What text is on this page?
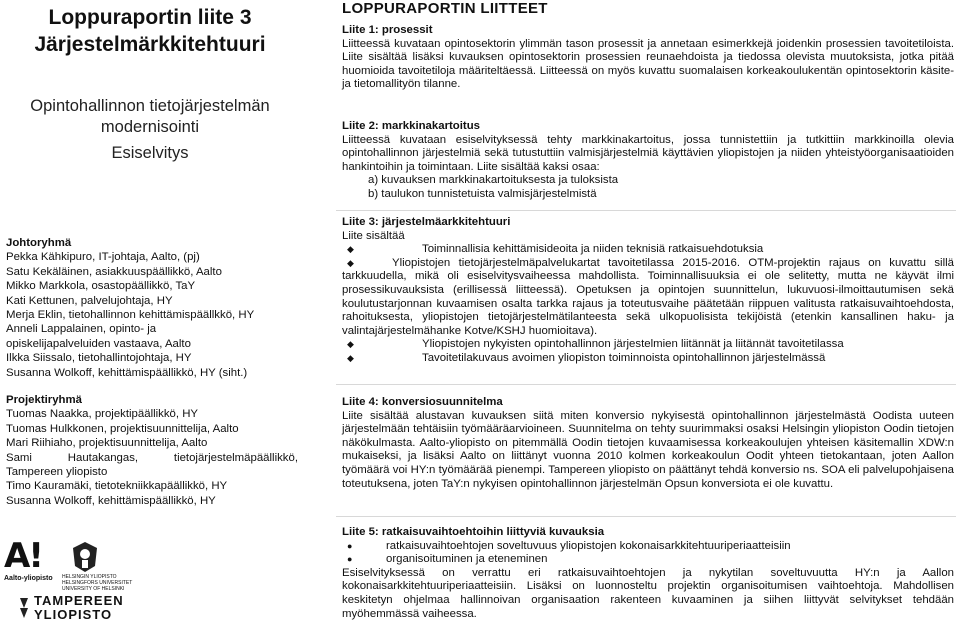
Loppuraportin liite 3
Järjestelmärkkitehtuuri
Opintohallinnon tietojärjestelmän
modernisointi
Esiselvitys
Johtoryhmä
Pekka Kähkipuro, IT-johtaja, Aalto, (pj)
Satu Kekäläinen, asiakkuuspäällikkö, Aalto
Mikko Markkola, osastopäällikkö, TaY
Kati Kettunen, palvelujohtaja, HY
Merja Eklin, tietohallinnon kehittämispäällkkö, HY
Anneli Lappalainen, opinto- ja
opiskelijapalveluiden vastaava, Aalto
Ilkka Siissalo, tietohallintojohtaja, HY
Susanna Wolkoff, kehittämispäällikkö, HY (siht.)
Projektiryhmä
Tuomas Naakka, projektipäällikkö, HY
Tuomas Hulkkonen, projektisuunnittelija, Aalto
Mari Riihiaho, projektisuunnittelija, Aalto
Sami Hautakangas, tietojärjestelmäpäällikkö,
Tampereen yliopisto
Timo Kauramäki, tietotekniikkapäällikkö, HY
Susanna Wolkoff, kehittämispäällikkö, HY
A!
Aalto-yliopisto	HELSINGIN YLIOPISTO
HELSINGFORS UNIVERSITET
UNIVERSITY OF HELSINKI
TAMPEREEN
YLIOPISTO
LOPPURAPORTIN LIITTEET
Liite 1: prosessit

Liitteessä kuvataan opintosektorin ylimmän tason prosessit ja annetaan esimerkkejä joidenkin prosessien tavoitetiloista. Liite sisältää lisäksi kuvauksen opintosektorin prosessien reunaehdoista ja tiedossa olevista muutoksista, jotka pitää huomioida tavoitetiloja määriteltäessä. Liitteessä on myös kuvattu suomalaisen korkeakoulukentän opintosektorin käsite- ja tietomallityön tilanne.

Liite 2: markkinakartoitus

Liitteessä kuvataan esiselvityksessä tehty markkinakartoitus, jossa tunnistettiin ja tutkittiin markkinoilla olevia opintohallinnon järjestelmiä sekä tutustuttiin valmisjärjestelmiä käyttävien yliopistojen ja niiden yhteistyöorganisaatioiden hankintoihin ja toimintaan. Liite sisältää kaksi osaa:

a) kuvauksen markkinakartoituksesta ja tuloksista
b) taulukon tunnistetuista valmisjärjestelmistä
Liite 3: järjestelmäarkkitehtuuri
Liite sisältää
◆	Toiminnallisia kehittämisideoita ja niiden teknisiä ratkaisuehdotuksia
◆	Yliopistojen tietojärjestelmäpalvelukartat tavoitetilassa 2015-2016. OTM-projektin rajaus on kuvattu sillä tarkkuudella, mikä oli esiselvitysvaiheessa mahdollista. Toiminnallisuuksia ei ole selitetty, mutta ne käyvät ilmi prosessikuvauksista (erillisessä liitteessä). Opetuksen ja opintojen suunnittelun, lukuvuosi-ilmoittautumisen sekä koulutustarjonnan kuvaamisen osalta tarkka rajaus ja toteutusvaihe päätetään riippuen valitusta ratkaisuvaihtoehdosta, rahoituksesta, yliopistojen tietojärjestelmätilanteesta sekä ulkopuolisista tekijöistä (etenkin kansallinen haku- ja valintajärjestelmähanke Kotve/KSHJ huomioitava).

◆	Yliopistojen nykyisten opintohallinnon järjestelmien liitännät ja liitännät tavoitetilassa
◆	Tavoitetilakuvaus avoimen yliopiston toiminnoista opintohallinnon järjestelmässä
Liite 4: konversiosuunnitelma

Liite sisältää alustavan kuvauksen siitä miten konversio nykyisestä opintohallinnon järjestelmästä Oodista uuteen järjestelmään tehtäisiin työmääräarvioineen. Suunnitelma on tehty suurimmaksi osaksi Helsingin yliopiston Oodin tietojen näkökulmasta. Aalto-yliopisto on pitemmällä Oodin tietojen kuvaamisessa korkeakoulujen yhteisen käsitemallin XDW:n mukaiseksi, ja lisäksi Aalto on liittänyt vuonna 2010 kolmen korkeakoulun Oodit yhteen tietokantaan, joten Aallon työmäärä voi HY:n työmäärää pienempi. Tampereen yliopisto on päättänyt tehdä konversio ns. SOA eli palvelupohjaisena toteutuksena, joten TaY:n nykyisen opintohallinnon järjestelmän Opsun konversiota ei ole kuvattu.

Liite 5: ratkaisuvaihtoehtoihin liittyviä kuvauksia
●	ratkaisuvaihtoehtojen soveltuvuus yliopistojen kokonaisarkkitehtuuriperiaatteisiin
●	organisoituminen ja eteneminen

Esiselvityksessä on verrattu eri ratkaisuvaihtoehtojen ja nykytilan soveltuvuutta HY:n ja Aallon kokonaisarkkitehtuuriperiaatteisiin. Lisäksi on luonnosteltu projektin organisoitumisen vaihtoehtoja. Mahdollisen keskitetyn ohjelmaa hallinnoivan organisaation rakenteen kuvaaminen ja siihen liittyvät selvitykset tehdään myöhemmässä vaiheessa.
